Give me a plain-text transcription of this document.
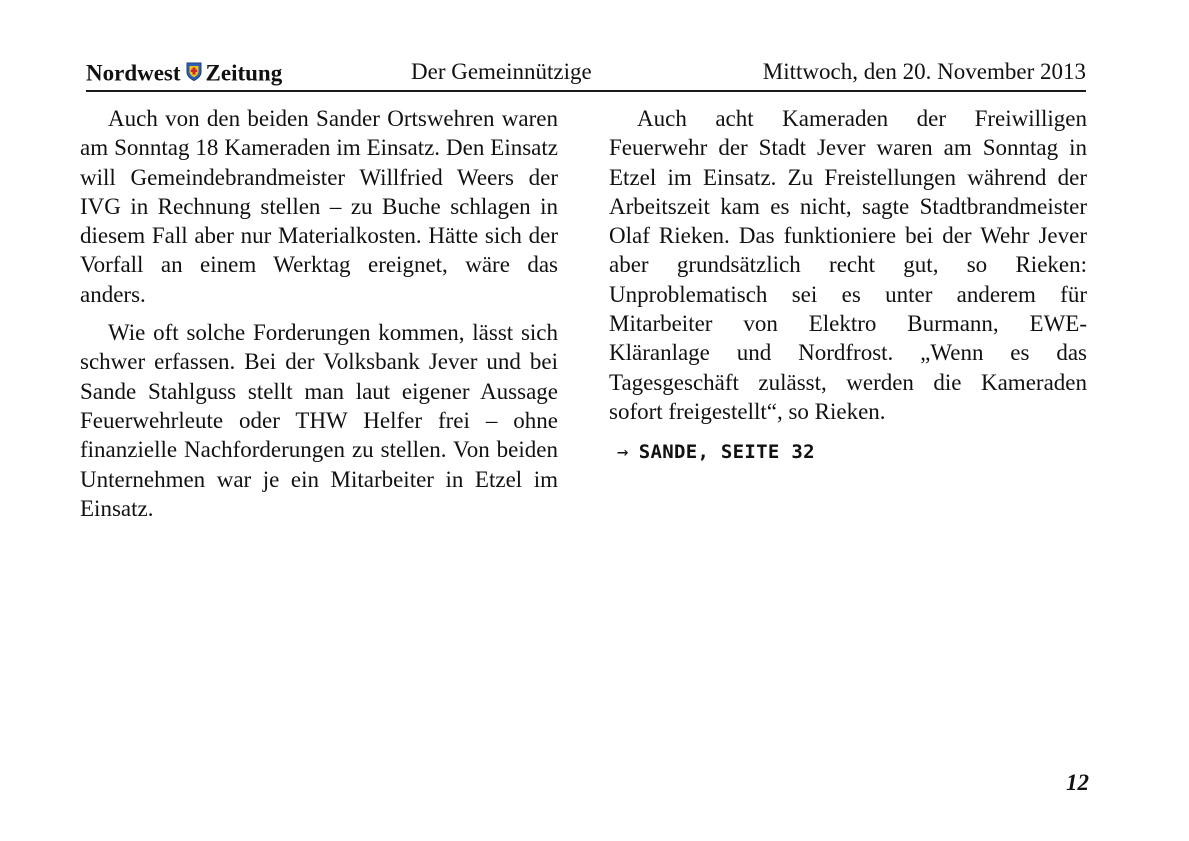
Nordwest Zeitung	Der Gemeinnützige	Mittwoch, den 20. November 2013

Auch von den beiden Sander Ortswehren waren am Sonntag 18 Kameraden im Einsatz. Den Einsatz will Gemeindebrandmeister Willfried Weers der IVG in Rechnung stellen – zu Buche schlagen in diesem Fall aber nur Materialkosten. Hätte sich der Vorfall an einem Werktag ereignet, wäre das anders.

Wie oft solche Forderungen kommen, lässt sich schwer erfassen. Bei der Volksbank Jever und bei Sande Stahlguss stellt man laut eigener Aussage Feuerwehrleute oder THW Helfer frei – ohne finanzielle Nachforderungen zu stellen. Von beiden Unternehmen war je ein Mitarbeiter in Etzel im Einsatz.

Auch acht Kameraden der Freiwilligen Feuerwehr der Stadt Jever waren am Sonntag in Etzel im Einsatz. Zu Freistellungen während der Arbeitszeit kam es nicht, sagte Stadtbrandmeister Olaf Rieken. Das funktioniere bei der Wehr Jever aber grundsätzlich recht gut, so Rieken: Unproblematisch sei es unter anderem für Mitarbeiter von Elektro Burmann, EWE-Kläranlage und Nordfrost. „Wenn es das Tagesgeschäft zulässt, werden die Kameraden sofort freigestellt“, so Rieken.

→ SANDE, SEITE 32
12
